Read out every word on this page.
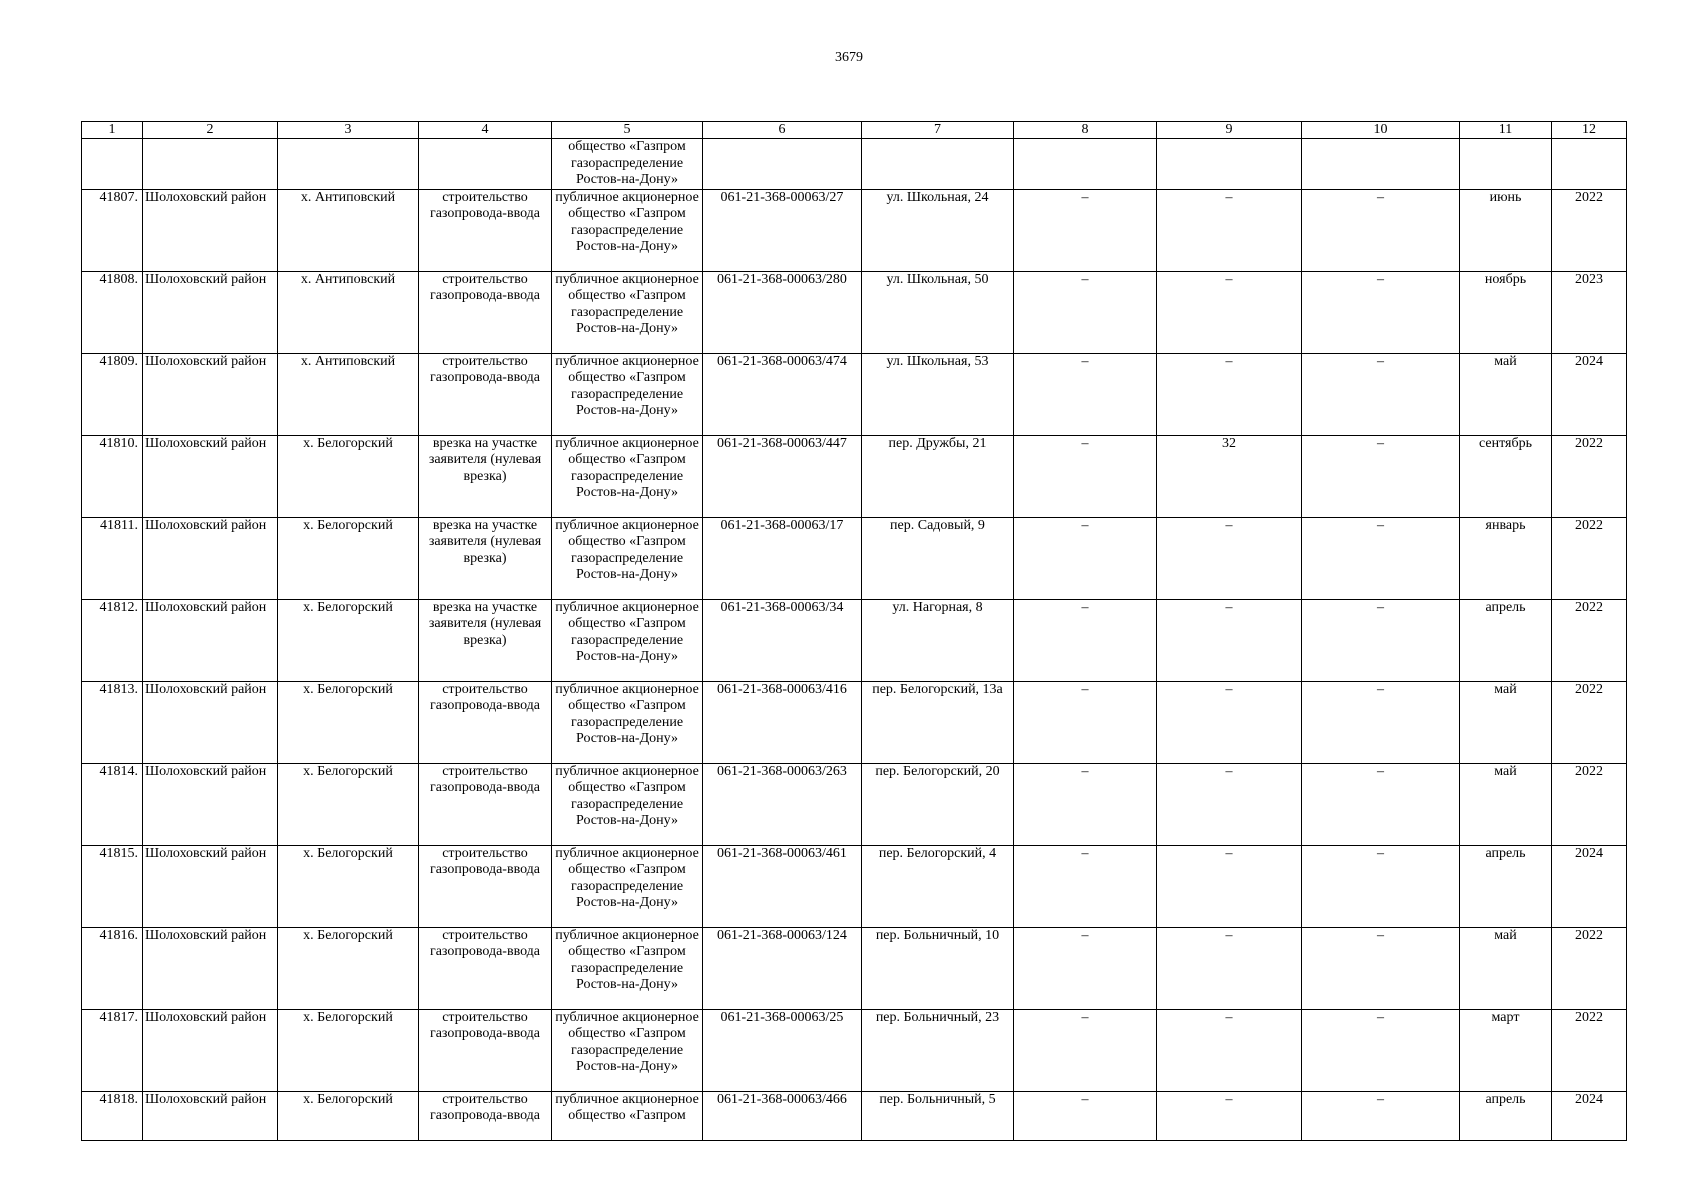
3679
1	2	3	4	5	6	7	8	9	10	11	12
				общество «Газпром газораспределение Ростов-на-Дону»							
41807.	Шолоховский район	х. Антиповский	строительство газопровода-ввода	публичное акционерное общество «Газпром газораспределение Ростов-на-Дону»	061-21-368-00063/27	ул. Школьная, 24	–	–	–	июнь	2022
41808.	Шолоховский район	х. Антиповский	строительство газопровода-ввода	публичное акционерное общество «Газпром газораспределение Ростов-на-Дону»	061-21-368-00063/280	ул. Школьная, 50	–	–	–	ноябрь	2023
41809.	Шолоховский район	х. Антиповский	строительство газопровода-ввода	публичное акционерное общество «Газпром газораспределение Ростов-на-Дону»	061-21-368-00063/474	ул. Школьная, 53	–	–	–	май	2024
41810.	Шолоховский район	х. Белогорский	врезка на участке заявителя (нулевая врезка)	публичное акционерное общество «Газпром газораспределение Ростов-на-Дону»	061-21-368-00063/447	пер. Дружбы, 21	–	32	–	сентябрь	2022
41811.	Шолоховский район	х. Белогорский	врезка на участке заявителя (нулевая врезка)	публичное акционерное общество «Газпром газораспределение Ростов-на-Дону»	061-21-368-00063/17	пер. Садовый, 9	–	–	–	январь	2022
41812.	Шолоховский район	х. Белогорский	врезка на участке заявителя (нулевая врезка)	публичное акционерное общество «Газпром газораспределение Ростов-на-Дону»	061-21-368-00063/34	ул. Нагорная, 8	–	–	–	апрель	2022
41813.	Шолоховский район	х. Белогорский	строительство газопровода-ввода	публичное акционерное общество «Газпром газораспределение Ростов-на-Дону»	061-21-368-00063/416	пер. Белогорский, 13а	–	–	–	май	2022
41814.	Шолоховский район	х. Белогорский	строительство газопровода-ввода	публичное акционерное общество «Газпром газораспределение Ростов-на-Дону»	061-21-368-00063/263	пер. Белогорский, 20	–	–	–	май	2022
41815.	Шолоховский район	х. Белогорский	строительство газопровода-ввода	публичное акционерное общество «Газпром газораспределение Ростов-на-Дону»	061-21-368-00063/461	пер. Белогорский, 4	–	–	–	апрель	2024
41816.	Шолоховский район	х. Белогорский	строительство газопровода-ввода	публичное акционерное общество «Газпром газораспределение Ростов-на-Дону»	061-21-368-00063/124	пер. Больничный, 10	–	–	–	май	2022
41817.	Шолоховский район	х. Белогорский	строительство газопровода-ввода	публичное акционерное общество «Газпром газораспределение Ростов-на-Дону»	061-21-368-00063/25	пер. Больничный, 23	–	–	–	март	2022
41818.	Шолоховский район	х. Белогорский	строительство газопровода-ввода	публичное акционерное общество «Газпром	061-21-368-00063/466	пер. Больничный, 5	–	–	–	апрель	2024
